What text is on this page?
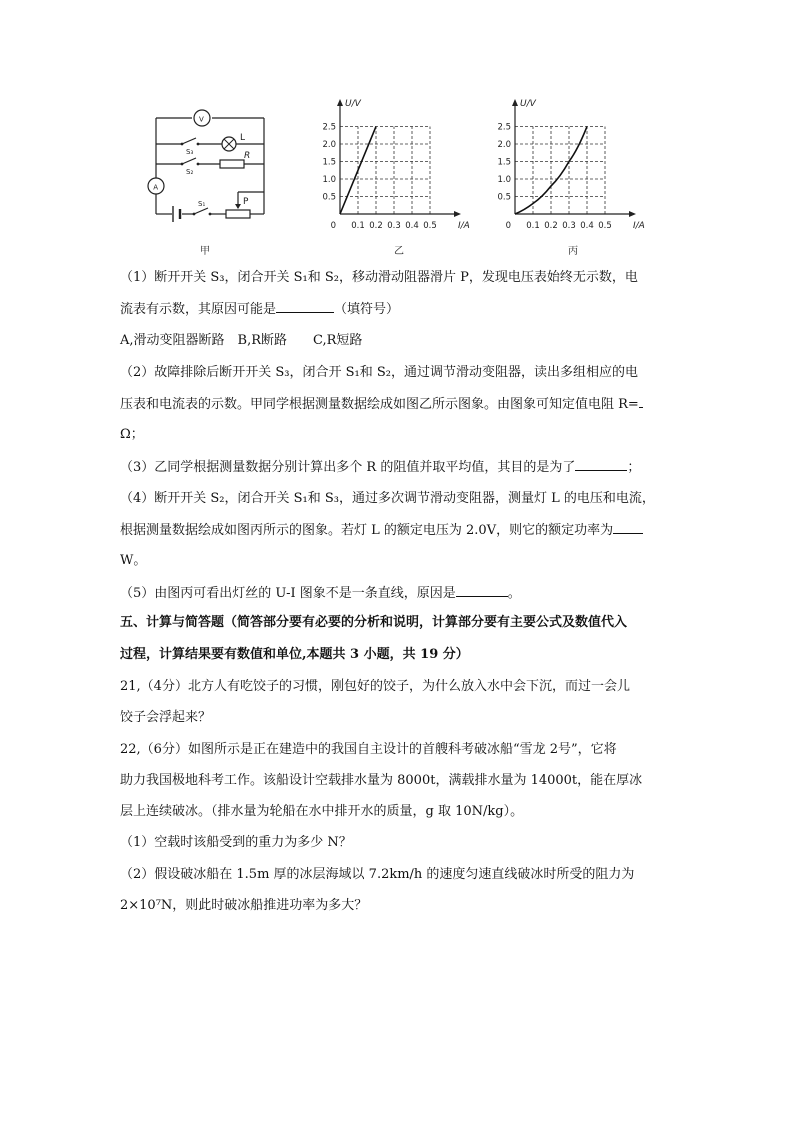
V
A
L
R
S₃
S₂
S₁	P
甲
U/V
I/A
0.5
1.0
1.5
2.0
2.5
0 0.1 0.2 0.3 0.4 0.5
乙
U/V
I/A
0.5
1.0
1.5
2.0
2.5
0 0.1 0.2 0.3 0.4 0.5
丙
（1）断开开关 S₃，闭合开关 S₁和 S₂，移动滑动阻器滑片 P，发现电压表始终无示数，电
流表有示数，其原因可能是	（填符号）
A,滑动变阻器断路　B,R断路　　C,R短路
（2）故障排除后断开开关 S₃，闭合开 S₁和 S₂，通过调节滑动变阻器，读出多组相应的电
压表和电流表的示数。甲同学根据测量数据绘成如图乙所示图象。由图象可知定值电阻 R=
Ω；
（3）乙同学根据测量数据分别计算出多个 R 的阻值并取平均值，其目的是为了	；
（4）断开开关 S₂，闭合开关 S₁和 S₃，通过多次调节滑动变阻器，测量灯 L 的电压和电流，
根据测量数据绘成如图丙所示的图象。若灯 L 的额定电压为 2.0V，则它的额定功率为
W。
（5）由图丙可看出灯丝的 U-I 图象不是一条直线，原因是	。
五、计算与简答题（简答部分要有必要的分析和说明，计算部分要有主要公式及数值代入
过程，计算结果要有数值和单位,本题共 3 小题，共 19 分）
21,（4分）北方人有吃饺子的习惯，刚包好的饺子，为什么放入水中会下沉，而过一会儿
饺子会浮起来？
22,（6分）如图所示是正在建造中的我国自主设计的首艘科考破冰船“雪龙 2号”，它将
助力我国极地科考工作。该船设计空载排水量为 8000t，满载排水量为 14000t，能在厚冰
层上连续破冰。（排水量为轮船在水中排开水的质量，g 取 10N/kg）。
（1）空载时该船受到的重力为多少 N？
（2）假设破冰船在 1.5m 厚的冰层海域以 7.2km/h 的速度匀速直线破冰时所受的阻力为
2×10⁷N，则此时破冰船推进功率为多大？
